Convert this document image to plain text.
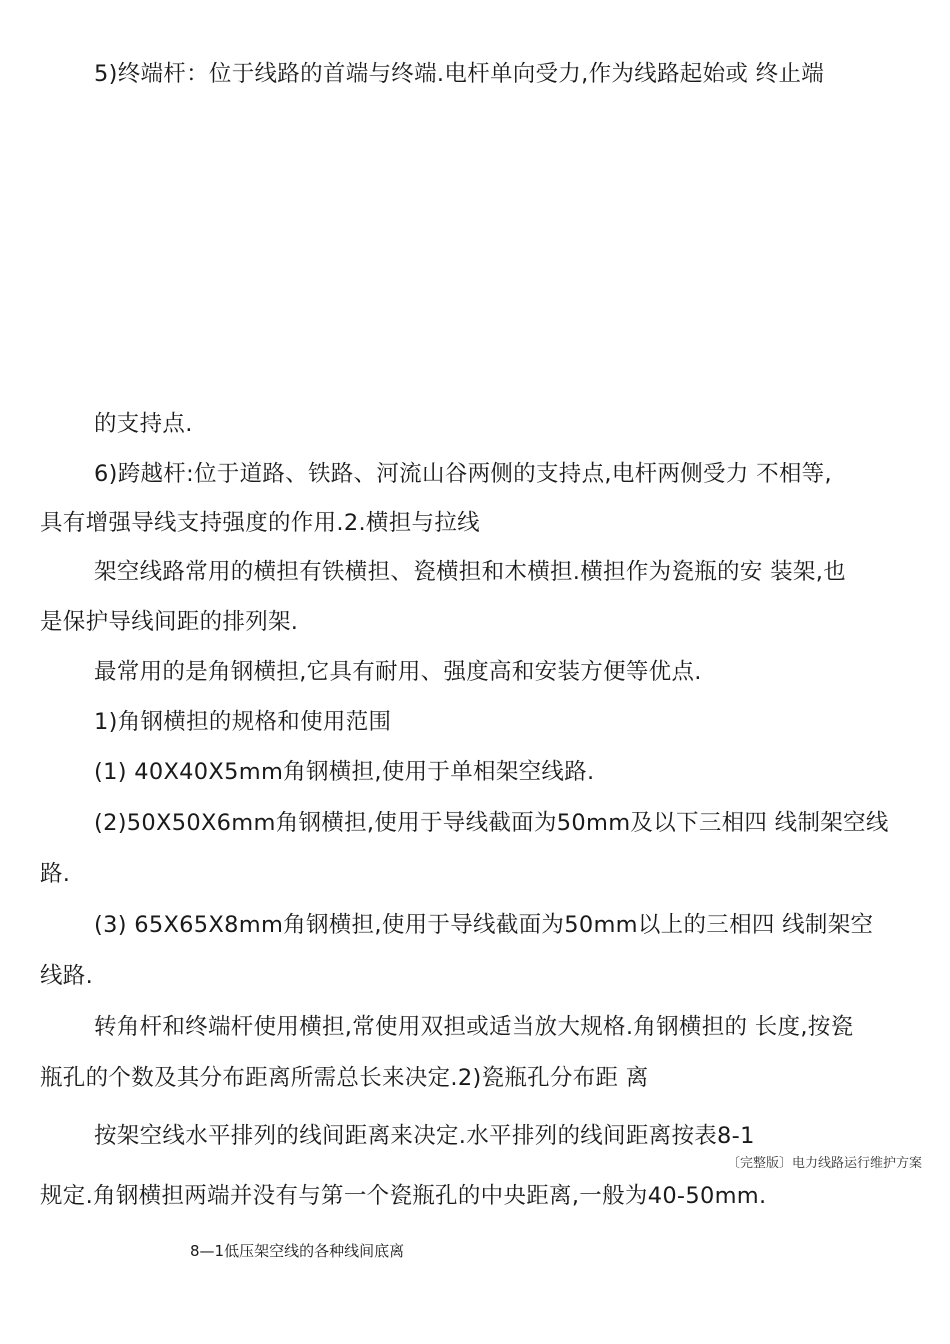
5)终端杆：位于线路的首端与终端.电杆单向受力,作为线路起始或 终止端
的支持点.
6)跨越杆:位于道路、铁路、河流山谷两侧的支持点,电杆两侧受力 不相等,
具有增强导线支持强度的作用.2.横担与拉线
架空线路常用的横担有铁横担、瓷横担和木横担.横担作为瓷瓶的安 装架,也
是保护导线间距的排列架.
最常用的是角钢横担,它具有耐用、强度高和安装方便等优点.
1)角钢横担的规格和使用范围
(1) 40X40X5mm角钢横担,使用于单相架空线路.
(2)50X50X6mm角钢横担,使用于导线截面为50mm及以下三相四 线制架空线
路.
(3) 65X65X8mm角钢横担,使用于导线截面为50mm以上的三相四 线制架空
线路.
转角杆和终端杆使用横担,常使用双担或适当放大规格.角钢横担的 长度,按瓷
瓶孔的个数及其分布距离所需总长来决定.2)瓷瓶孔分布距 离
按架空线水平排列的线间距离来决定.水平排列的线间距离按表8-1
〔完整版〕电力线路运行维护方案
规定.角钢横担两端并没有与第一个瓷瓶孔的中央距离,一般为40-50mm.
8—1低压架空线的各种线间底离
